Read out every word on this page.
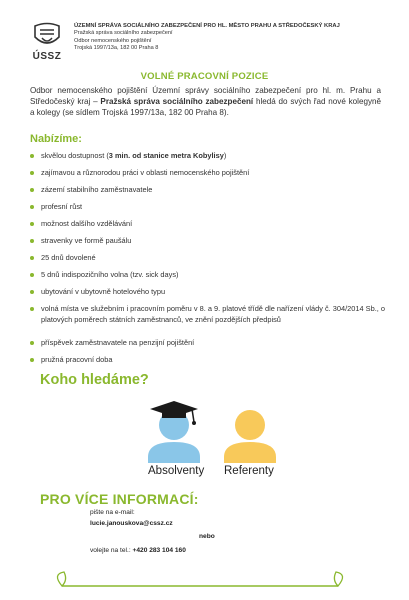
ÚSSZ
ÚZEMNÍ SPRÁVA SOCIÁLNÍHO ZABEZPEČENÍ PRO HL. MĚSTO PRAHU A STŘEDOČESKÝ KRAJ
Pražská správa sociálního zabezpečení
Odbor nemocenského pojištění
Trojská 1997/13a, 182 00 Praha 8
VOLNÉ PRACOVNÍ POZICE
Odbor nemocenského pojištění Územní správy sociálního zabezpečení pro hl. m. Prahu a Středočeský kraj – Pražská správa sociálního zabezpečení hledá do svých řad nové kolegyně a kolegy (se sídlem Trojská 1997/13a, 182 00 Praha 8).
Nabízíme:
skvělou dostupnost (3 min. od stanice metra Kobylisy)
zajímavou a různorodou práci v oblasti nemocenského pojištění
zázemí stabilního zaměstnavatele
profesní růst
možnost dalšího vzdělávání
stravenky ve formě paušálu
25 dnů dovolené
5 dnů indispozičního volna (tzv. sick days)
ubytování v ubytovně hotelového typu
volná místa ve služebním i pracovním poměru v 8. a 9. platové třídě dle nařízení vlády č. 304/2014 Sb., o platových poměrech státních zaměstnanců, ve znění pozdějších předpisů
příspěvek zaměstnavatele na penzijní pojištění
pružná pracovní doba
Koho hledáme?
Absolventy Referenty
PRO VÍCE INFORMACÍ:
pište na e-mail:
lucie.janouskova@cssz.cz
nebo
volejte na tel.: +420 283 104 160
